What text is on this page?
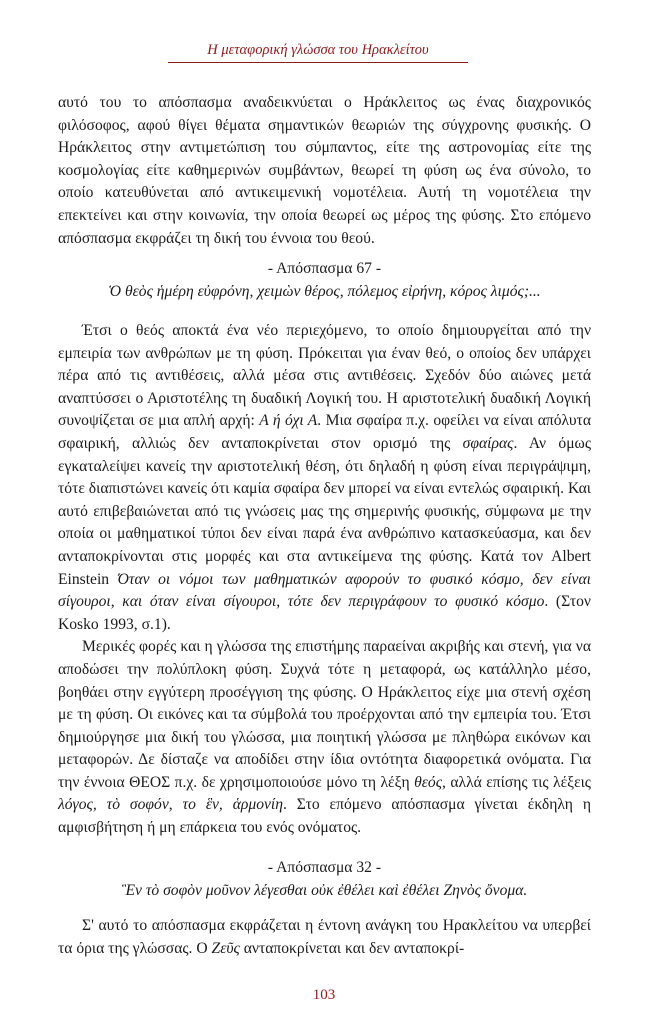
Η μεταφορική γλώσσα του Ηρακλείτου

αυτό του το απόσπασμα αναδεικνύεται ο Ηράκλειτος ως ένας διαχρονικός φιλόσοφος, αφού θίγει θέματα σημαντικών θεωριών της σύγχρονης φυσικής. Ο Ηράκλειτος στην αντιμετώπιση του σύμπαντος, είτε της αστρονομίας είτε της κοσμολογίας είτε καθημερινών συμβάντων, θεωρεί τη φύση ως ένα σύνολο, το οποίο κατευθύνεται από αντικειμενική νομοτέλεια. Αυτή τη νομοτέλεια την επεκτείνει και στην κοινωνία, την οποία θεωρεί ως μέρος της φύσης. Στο επόμενο απόσπασμα εκφράζει τη δική του έννοια του θεού.

- Απόσπασμα 67 -
Ὁ θεὸς ἡμέρη εὐφρόνη, χειμὼν θέρος, πόλεμος εἰρήνη, κόρος λιμός;...

Έτσι ο θεός αποκτά ένα νέο περιεχόμενο, το οποίο δημιουργείται από την εμπειρία των ανθρώπων με τη φύση. Πρόκειται για έναν θεό, ο οποίος δεν υπάρχει πέρα από τις αντιθέσεις, αλλά μέσα στις αντιθέσεις. Σχεδόν δύο αιώνες μετά αναπτύσσει ο Αριστοτέλης τη δυαδική Λογική του. Η αριστοτελική δυαδική Λογική συνοψίζεται σε μια απλή αρχή: Α ή όχι Α. Μια σφαίρα π.χ. οφείλει να είναι απόλυτα σφαιρική, αλλιώς δεν ανταποκρίνεται στον ορισμό της σφαίρας. Αν όμως εγκαταλείψει κανείς την αριστοτελική θέση, ότι δηλαδή η φύση είναι περιγράψιμη, τότε διαπιστώνει κανείς ότι καμία σφαίρα δεν μπορεί να είναι εντελώς σφαιρική. Και αυτό επιβεβαιώνεται από τις γνώσεις μας της σημερινής φυσικής, σύμφωνα με την οποία οι μαθηματικοί τύποι δεν είναι παρά ένα ανθρώπινο κατασκεύασμα, και δεν ανταποκρίνονται στις μορφές και στα αντικείμενα της φύσης. Κατά τον Albert Einstein Όταν οι νόμοι των μαθηματικών αφορούν το φυσικό κόσμο, δεν είναι σίγουροι, και όταν είναι σίγουροι, τότε δεν περιγράφουν το φυσικό κόσμο. (Στον Kosko 1993, σ.1).

Μερικές φορές και η γλώσσα της επιστήμης παραείναι ακριβής και στενή, για να αποδώσει την πολύπλοκη φύση. Συχνά τότε η μεταφορά, ως κατάλληλο μέσο, βοηθάει στην εγγύτερη προσέγγιση της φύσης. Ο Ηράκλειτος είχε μια στενή σχέση με τη φύση. Οι εικόνες και τα σύμβολά του προέρχονται από την εμπειρία του. Έτσι δημιούργησε μια δική του γλώσσα, μια ποιητική γλώσσα με πληθώρα εικόνων και μεταφορών. Δε δίσταζε να αποδίδει στην ίδια οντότητα διαφορετικά ονόματα. Για την έννοια ΘΕΟΣ π.χ. δε χρησιμοποιούσε μόνο τη λέξη θεός, αλλά επίσης τις λέξεις λόγος, τὸ σοφόν, το ἓν, ἁρμονίη. Στο επόμενο απόσπασμα γίνεται έκδηλη η αμφισβήτηση ή μη επάρκεια του ενός ονόματος.

- Απόσπασμα 32 -
Ἓν τὸ σοφὸν μοῦνον λέγεσθαι οὐκ ἐθέλει καὶ ἐθέλει Ζηνὸς ὄνομα.

Σ' αυτό το απόσπασμα εκφράζεται η έντονη ανάγκη του Ηρακλείτου να υπερβεί τα όρια της γλώσσας. Ο Ζεῦς ανταποκρίνεται και δεν ανταποκρί-

103
